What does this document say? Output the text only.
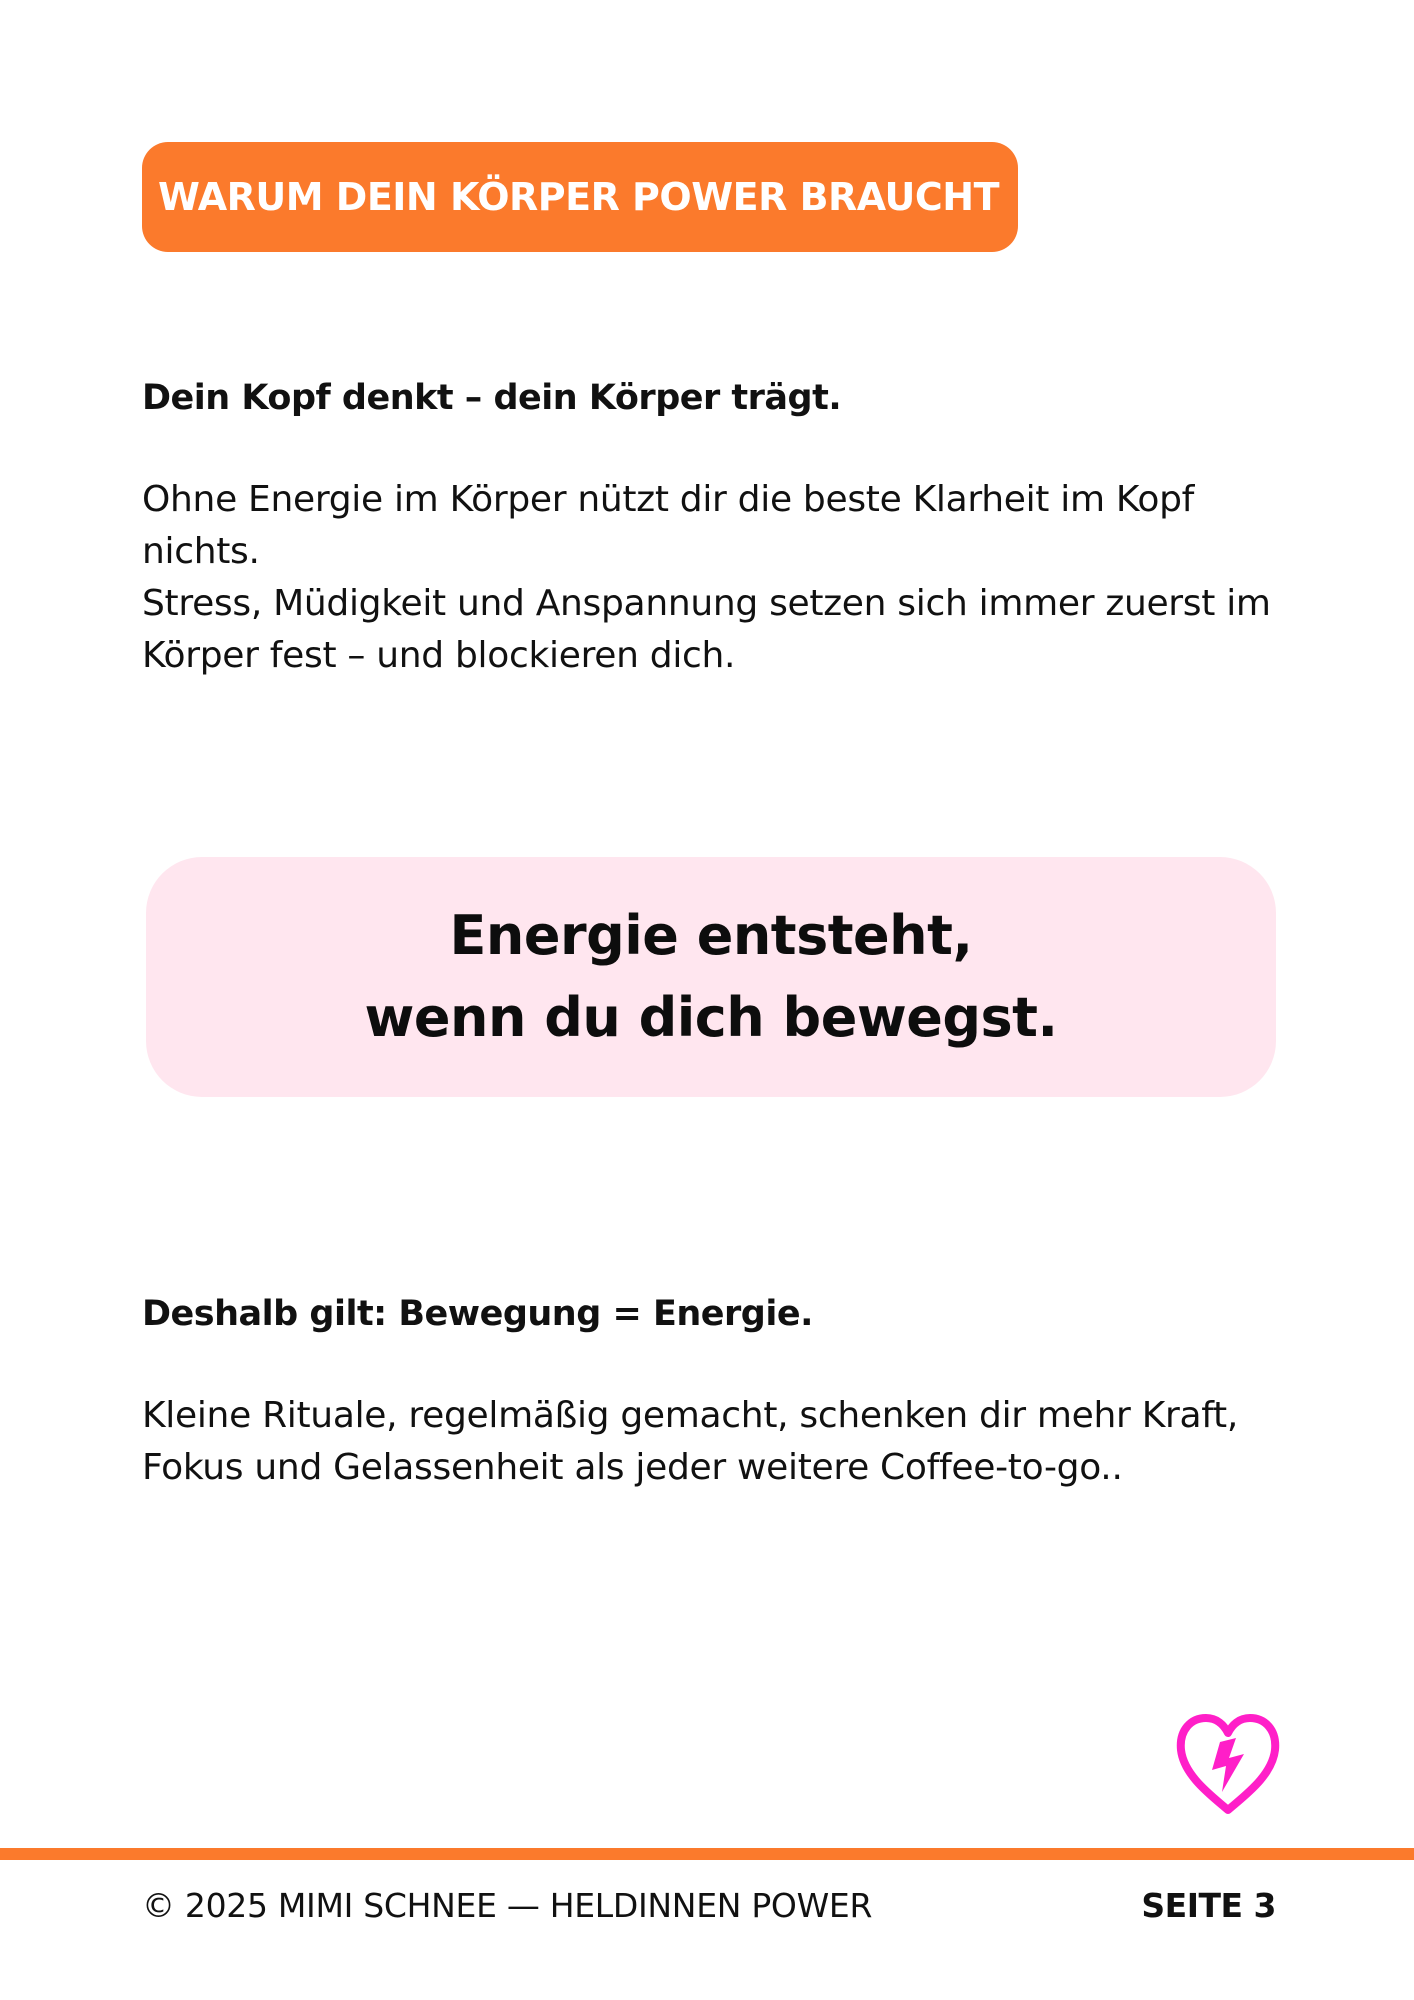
WARUM DEIN KÖRPER POWER BRAUCHT
Dein Kopf denkt – dein Körper trägt.

Ohne Energie im Körper nützt dir die beste Klarheit im Kopf nichts.

Stress, Müdigkeit und Anspannung setzen sich immer zuerst im Körper fest – und blockieren dich.

Energie entsteht,
wenn du dich bewegst.
Deshalb gilt: Bewegung = Energie.

Kleine Rituale, regelmäßig gemacht, schenken dir mehr Kraft, Fokus und Gelassenheit als jeder weitere Coffee-to-go..

© 2025 MIMI SCHNEE — HELDINNEN POWER	SEITE 3
